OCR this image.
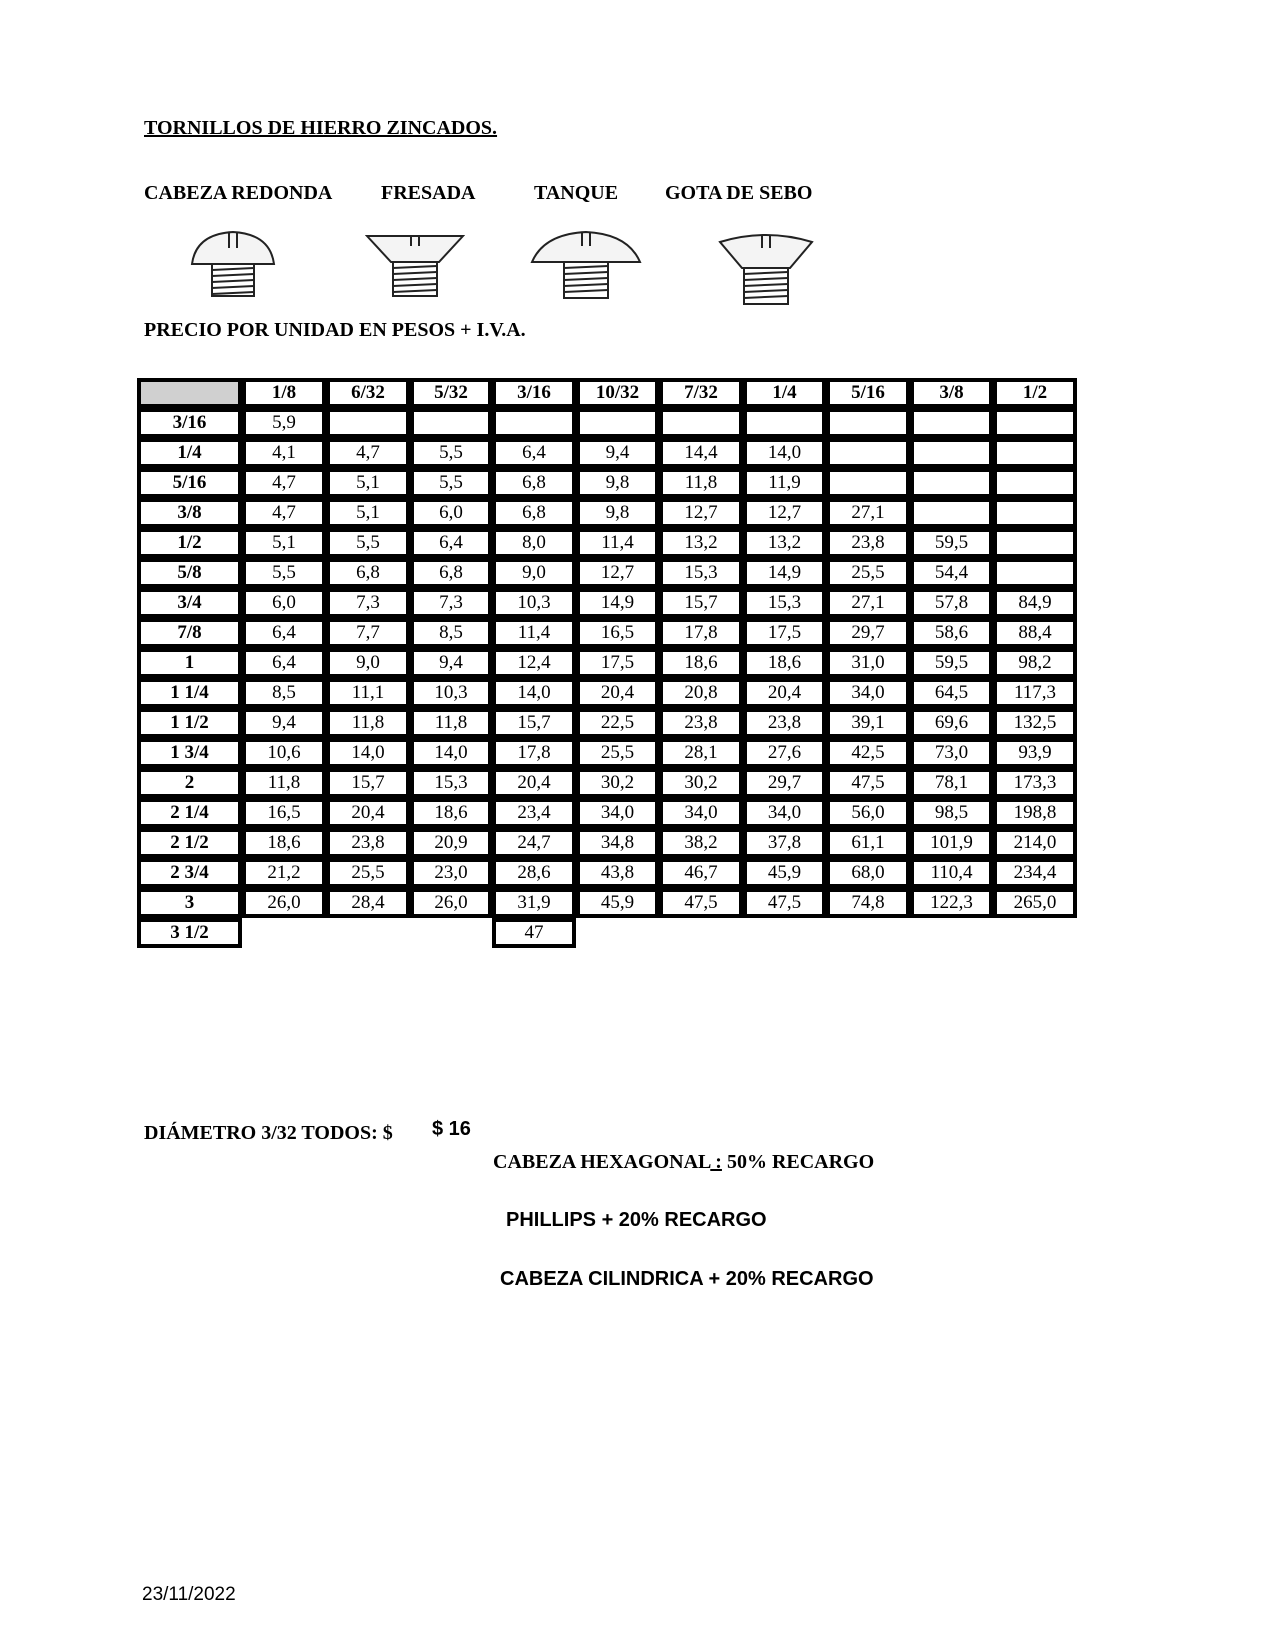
TORNILLOS DE HIERRO ZINCADOS.
CABEZA REDONDA FRESADA	TANQUE GOTA DE SEBO
PRECIO POR UNIDAD EN PESOS + I.V.A.
	1/8	6/32	5/32	3/16	10/32	7/32	1/4	5/16	3/8	1/2
3/16	5,9									
1/4	4,1	4,7	5,5	6,4	9,4	14,4	14,0			
5/16	4,7	5,1	5,5	6,8	9,8	11,8	11,9			
3/8	4,7	5,1	6,0	6,8	9,8	12,7	12,7	27,1		
1/2	5,1	5,5	6,4	8,0	11,4	13,2	13,2	23,8	59,5	
5/8	5,5	6,8	6,8	9,0	12,7	15,3	14,9	25,5	54,4	
3/4	6,0	7,3	7,3	10,3	14,9	15,7	15,3	27,1	57,8	84,9
7/8	6,4	7,7	8,5	11,4	16,5	17,8	17,5	29,7	58,6	88,4
1	6,4	9,0	9,4	12,4	17,5	18,6	18,6	31,0	59,5	98,2
1 1/4	8,5	11,1	10,3	14,0	20,4	20,8	20,4	34,0	64,5	117,3
1 1/2	9,4	11,8	11,8	15,7	22,5	23,8	23,8	39,1	69,6	132,5
1 3/4	10,6	14,0	14,0	17,8	25,5	28,1	27,6	42,5	73,0	93,9
2	11,8	15,7	15,3	20,4	30,2	30,2	29,7	47,5	78,1	173,3
2 1/4	16,5	20,4	18,6	23,4	34,0	34,0	34,0	56,0	98,5	198,8
2 1/2	18,6	23,8	20,9	24,7	34,8	38,2	37,8	61,1	101,9	214,0
2 3/4	21,2	25,5	23,0	28,6	43,8	46,7	45,9	68,0	110,4	234,4
3	26,0	28,4	26,0	31,9	45,9	47,5	47,5	74,8	122,3	265,0
3 1/2				47						
DIÁMETRO 3/32 TODOS: $ $ 16
CABEZA HEXAGONAL : 50% RECARGO
PHILLIPS + 20% RECARGO
CABEZA CILINDRICA + 20% RECARGO
23/11/2022
